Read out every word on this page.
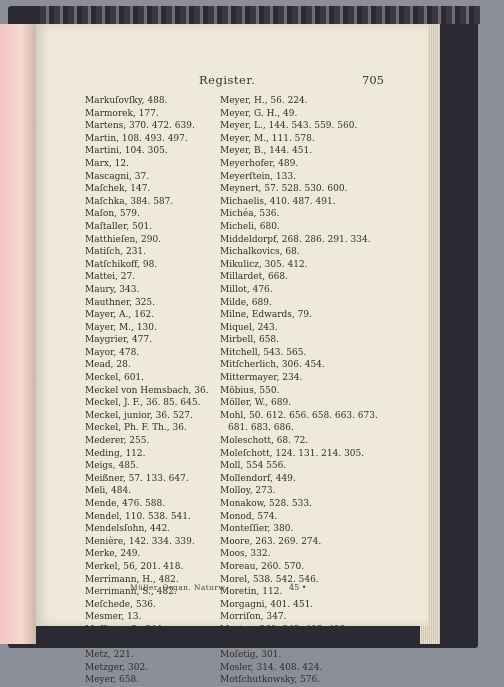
Register.	705
Markuſovſky, 488.
Marmorek, 177.
Martens, 370. 472. 639.
Martin, 108. 493. 497.
Martini, 104. 305.
Marx, 12.
Mascagni, 37.
Maſchek, 147.
Maſchka, 384. 587.
Maſon, 579.
Maſtaller, 501.
Matthieſen, 290.
Matiſch, 231.
Matſchikoff, 98.
Mattei, 27.
Maury, 343.
Mauthner, 325.
Mayer, A., 162.
Mayer, M., 130.
Maygrier, 477.
Mayor, 478.
Mead, 28.
Meckel, 601.
Meckel von Hemsbach, 36.
Meckel, J. F., 36. 85. 645.
Meckel, junior, 36. 527.
Meckel, Ph. F. Th., 36.
Mederer, 255.
Meding, 112.
Meigs, 485.
Meißner, 57. 133. 647.
Meli, 484.
Mende, 476. 588.
Mendel, 110. 538. 541.
Mendelsſohn, 442.
Menière, 142. 334. 339.
Merke, 249.
Merkel, 56, 201. 418.
Merrimann, H., 482.
Merrimann, S., 482.
Meſchede, 536.
Mesmer, 13.
Meſſerer, O., 311.
Metſchnikoff, 178. 611.
Metz, 221.
Metzger, 302.
Meyer, 658.
Meyer, H., 56. 224.
Meyer, G. H., 49.
Meyer, L., 144. 543. 559. 560.
Meyer, M., 111. 578.
Meyer, B., 144. 451.
Meyerhofer, 489.
Meyerſtein, 133.
Meynert, 57. 528. 530. 600.
Michaelis, 410. 487. 491.
Michéa, 536.
Micheli, 680.
Middeldorpf, 268. 286. 291. 334.
Michalkovics, 68.
Mikulicz, 305. 412.
Millardet, 668.
Millot, 476.
Milde, 689.
Milne, Edwards, 79.
Miquel, 243.
Mirbell, 658.
Mitchell, 543. 565.
Mitſcherlich, 306. 454.
Mittermayer, 234.
Möbius, 550.
Möller, W., 689.
Mohl, 50. 612. 656. 658. 663. 673.
681. 683. 686.
Moleschott, 68. 72.
Moleſchott, 124. 131. 214. 305.
Moll, 554 556.
Mollendorf, 449.
Molloy, 273.
Monakow, 528. 533.
Monod, 574.
Monteſſier, 380.
Moore, 263. 269. 274.
Moos, 332.
Moreau, 260. 570.
Morel, 538. 542. 546.
Moretin, 112.
Morgagni, 401. 451.
Morriſon, 347.
Morton, 269. 342. 408. 498.
Moſengeil, 305.
Moſetig, 301.
Mosler, 314. 408. 424.
Motſchutkowsky, 576.
Müller, Organ. Naturw.	45 •
